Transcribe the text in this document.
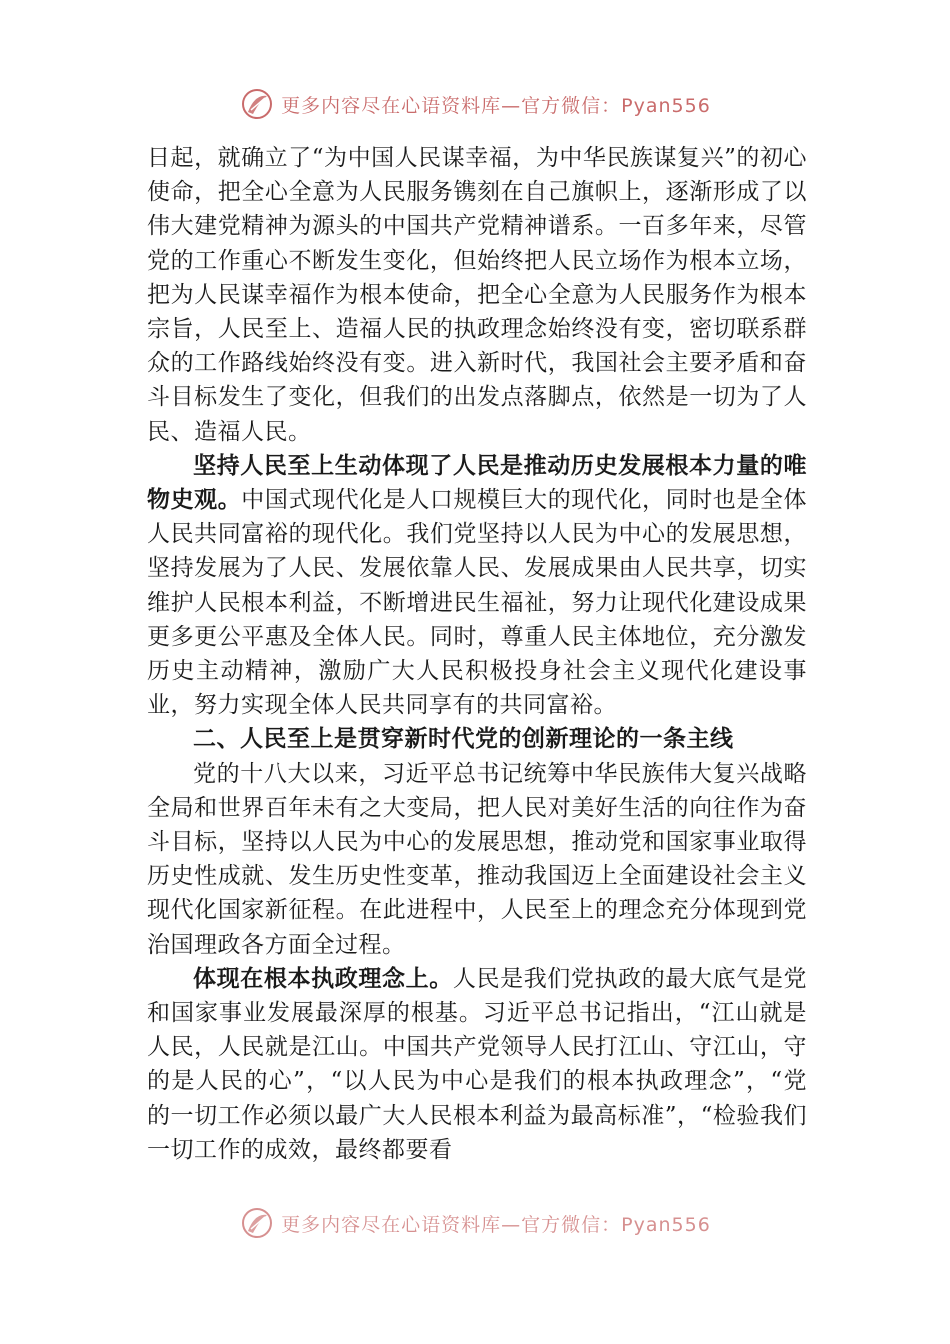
更多内容尽在心语资料库—官方微信：Pyan556

日起，就确立了“为中国人民谋幸福，为中华民族谋复兴”的初心使命，把全心全意为人民服务镌刻在自己旗帜上，逐渐形成了以伟大建党精神为源头的中国共产党精神谱系。一百多年来，尽管党的工作重心不断发生变化，但始终把人民立场作为根本立场，把为人民谋幸福作为根本使命，把全心全意为人民服务作为根本宗旨，人民至上、造福人民的执政理念始终没有变，密切联系群众的工作路线始终没有变。进入新时代，我国社会主要矛盾和奋斗目标发生了变化，但我们的出发点落脚点，依然是一切为了人民、造福人民。

坚持人民至上生动体现了人民是推动历史发展根本力量的唯物史观。中国式现代化是人口规模巨大的现代化，同时也是全体人民共同富裕的现代化。我们党坚持以人民为中心的发展思想，坚持发展为了人民、发展依靠人民、发展成果由人民共享，切实维护人民根本利益，不断增进民生福祉，努力让现代化建设成果更多更公平惠及全体人民。同时，尊重人民主体地位，充分激发历史主动精神，激励广大人民积极投身社会主义现代化建设事业，努力实现全体人民共同享有的共同富裕。

二、人民至上是贯穿新时代党的创新理论的一条主线

党的十八大以来，习近平总书记统筹中华民族伟大复兴战略全局和世界百年未有之大变局，把人民对美好生活的向往作为奋斗目标，坚持以人民为中心的发展思想，推动党和国家事业取得历史性成就、发生历史性变革，推动我国迈上全面建设社会主义现代化国家新征程。在此进程中，人民至上的理念充分体现到党治国理政各方面全过程。

体现在根本执政理念上。人民是我们党执政的最大底气是党和国家事业发展最深厚的根基。习近平总书记指出，“江山就是人民，人民就是江山。中国共产党领导人民打江山、守江山，守的是人民的心”，“以人民为中心是我们的根本执政理念”，“党的一切工作必须以最广大人民根本利益为最高标准”，“检验我们一切工作的成效，最终都要看

更多内容尽在心语资料库—官方微信：Pyan556
